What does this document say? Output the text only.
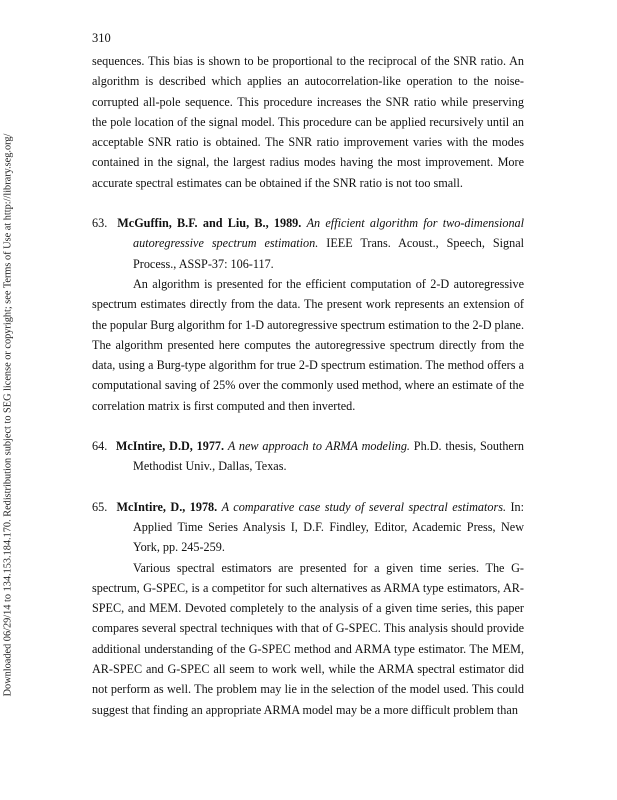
Downloaded 06/29/14 to 134.153.184.170. Redistribution subject to SEG license or copyright; see Terms of Use at http://library.seg.org/
310

sequences. This bias is shown to be proportional to the reciprocal of the SNR ratio. An algorithm is described which applies an autocorrelation-like operation to the noise-corrupted all-pole sequence. This procedure increases the SNR ratio while preserving the pole location of the signal model. This procedure can be applied recursively until an acceptable SNR ratio is obtained. The SNR ratio improvement varies with the modes contained in the signal, the largest radius modes having the most improvement. More accurate spectral estimates can be obtained if the SNR ratio is not too small.

63. McGuffin, B.F. and Liu, B., 1989. An efficient algorithm for two-dimensional autoregressive spectrum estimation. IEEE Trans. Acoust., Speech, Signal Process., ASSP-37: 106-117.

An algorithm is presented for the efficient computation of 2-D autoregressive spectrum estimates directly from the data. The present work represents an extension of the popular Burg algorithm for 1-D autoregressive spectrum estimation to the 2-D plane. The algorithm presented here computes the autoregressive spectrum directly from the data, using a Burg-type algorithm for true 2-D spectrum estimation. The method offers a computational saving of 25% over the commonly used method, where an estimate of the correlation matrix is first computed and then inverted.

64. McIntire, D.D, 1977. A new approach to ARMA modeling. Ph.D. thesis, Southern Methodist Univ., Dallas, Texas.

65. McIntire, D., 1978. A comparative case study of several spectral estimators. In: Applied Time Series Analysis I, D.F. Findley, Editor, Academic Press, New York, pp. 245-259.

Various spectral estimators are presented for a given time series. The G-spectrum, G-SPEC, is a competitor for such alternatives as ARMA type estimators, AR-SPEC, and MEM. Devoted completely to the analysis of a given time series, this paper compares several spectral techniques with that of G-SPEC. This analysis should provide additional understanding of the G-SPEC method and ARMA type estimator. The MEM, AR-SPEC and G-SPEC all seem to work well, while the ARMA spectral estimator did not perform as well. The problem may lie in the selection of the model used. This could suggest that finding an appropriate ARMA model may be a more difficult problem than
